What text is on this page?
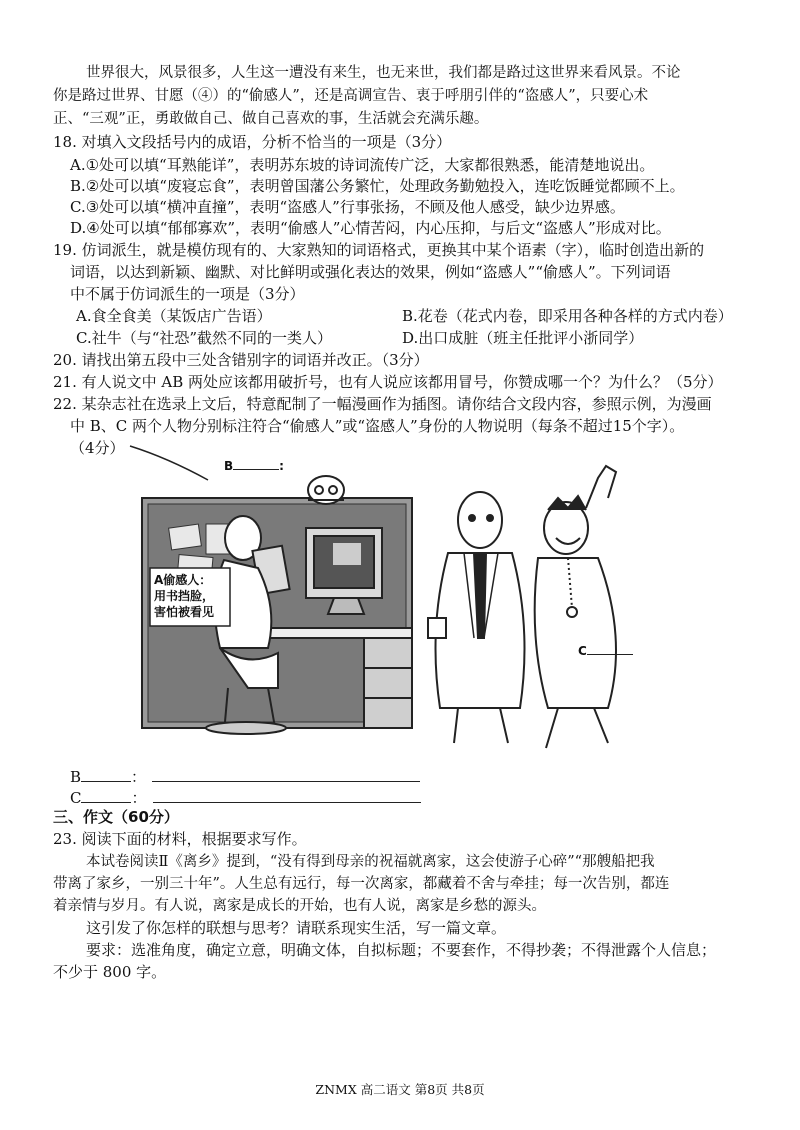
世界很大，风景很多，人生这一遭没有来生，也无来世，我们都是路过这世界来看风景。不论
你是路过世界、甘愿（④）的“偷感人”，还是高调宣告、衷于呼朋引伴的“盗感人”，只要心术
正、“三观”正，勇敢做自己、做自己喜欢的事，生活就会充满乐趣。
18. 对填入文段括号内的成语，分析不恰当的一项是（3分）
A.①处可以填“耳熟能详”，表明苏东坡的诗词流传广泛，大家都很熟悉，能清楚地说出。
B.②处可以填“废寝忘食”，表明曾国藩公务繁忙，处理政务勤勉投入，连吃饭睡觉都顾不上。
C.③处可以填“横冲直撞”，表明“盗感人”行事张扬，不顾及他人感受，缺少边界感。
D.④处可以填“郁郁寡欢”，表明“偷感人”心情苦闷，内心压抑，与后文“盗感人”形成对比。
19. 仿词派生，就是模仿现有的、大家熟知的词语格式，更换其中某个语素（字），临时创造出新的
词语，以达到新颖、幽默、对比鲜明或强化表达的效果，例如“盗感人”“偷感人”。下列词语
中不属于仿词派生的一项是（3分）
A.食全食美（某饭店广告语）	B.花卷（花式内卷，即采用各种各样的方式内卷）
C.社牛（与“社恐”截然不同的一类人）	D.出口成脏（班主任批评小浙同学）
20. 请找出第五段中三处含错别字的词语并改正。（3分）
21. 有人说文中 AB 两处应该都用破折号，也有人说应该都用冒号，你赞成哪一个？为什么？（5分）
22. 某杂志社在选录上文后，特意配制了一幅漫画作为插图。请你结合文段内容，参照示例，为漫画
中 B、C 两个人物分别标注符合“偷感人”或“盗感人”身份的人物说明（每条不超过15个字）。
（4分）
B	:
C
A偷感人：
用书挡脸，
害怕被看见
B	：
C	：
三、作文（60分）
23. 阅读下面的材料，根据要求写作。
本试卷阅读Ⅱ《离乡》提到，“没有得到母亲的祝福就离家，这会使游子心碎”“那艘船把我
带离了家乡，一别三十年”。人生总有远行，每一次离家，都藏着不舍与牵挂；每一次告别，都连
着亲情与岁月。有人说，离家是成长的开始，也有人说，离家是乡愁的源头。
这引发了你怎样的联想与思考？请联系现实生活，写一篇文章。
要求：选准角度，确定立意，明确文体，自拟标题；不要套作，不得抄袭；不得泄露个人信息；
不少于 800 字。
ZNMX 高二语文 第8页 共8页
